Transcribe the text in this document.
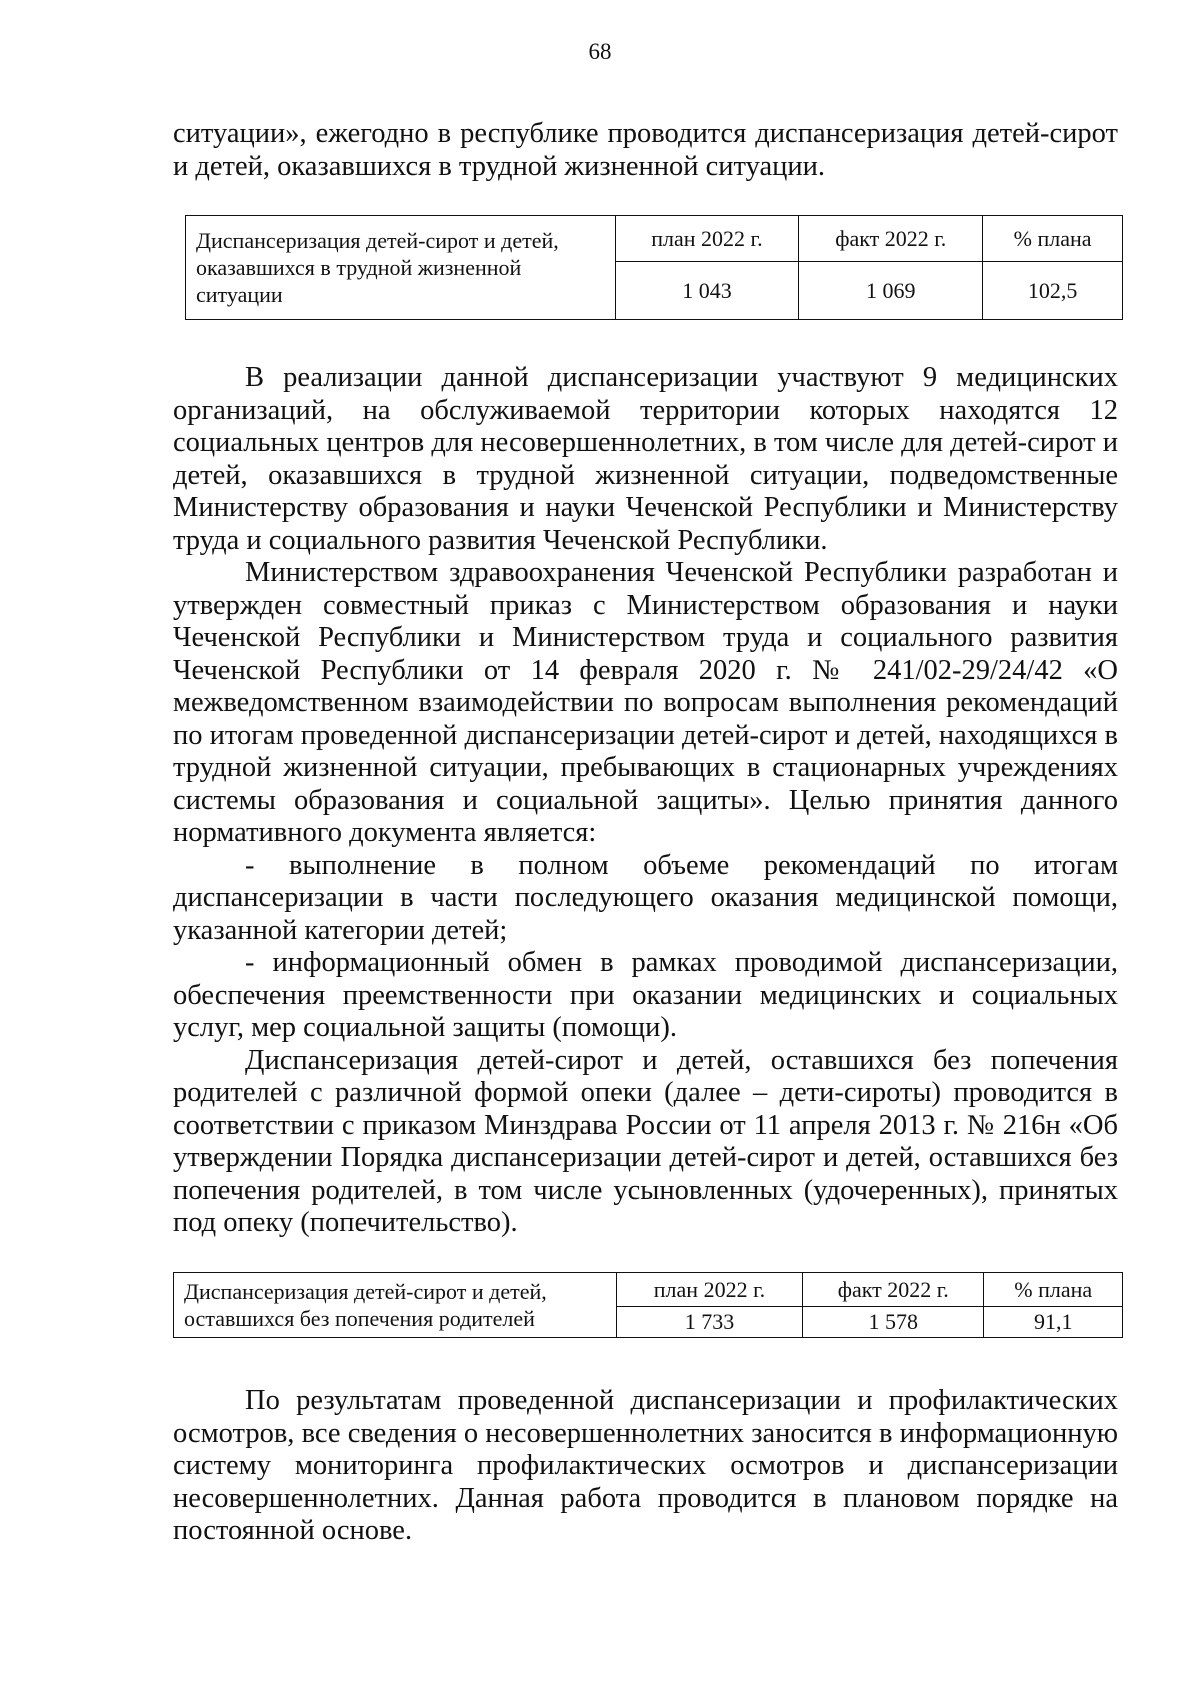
68

ситуации», ежегодно в республике проводится диспансеризация детей-сирот и детей, оказавшихся в трудной жизненной ситуации.

Диспансеризация детей-сирот и детей, оказавшихся в трудной жизненной ситуации	план 2022 г.	факт 2022 г.	% плана
	1 043	1 069	102,5

В реализации данной диспансеризации участвуют 9 медицинских организаций, на обслуживаемой территории которых находятся 12 социальных центров для несовершеннолетних, в том числе для детей-сирот и детей, оказавшихся в трудной жизненной ситуации, подведомственные Министерству образования и науки Чеченской Республики и Министерству труда и социального развития Чеченской Республики.

Министерством здравоохранения Чеченской Республики разработан и утвержден совместный приказ с Министерством образования и науки Чеченской Республики и Министерством труда и социального развития Чеченской Республики от 14 февраля 2020 г. № 241/02-29/24/42 «О межведомственном взаимодействии по вопросам выполнения рекомендаций по итогам проведенной диспансеризации детей-сирот и детей, находящихся в трудной жизненной ситуации, пребывающих в стационарных учреждениях системы образования и социальной защиты». Целью принятия данного нормативного документа является:

- выполнение в полном объеме рекомендаций по итогам диспансеризации в части последующего оказания медицинской помощи, указанной категории детей;

- информационный обмен в рамках проводимой диспансеризации, обеспечения преемственности при оказании медицинских и социальных услуг, мер социальной защиты (помощи).

Диспансеризация детей-сирот и детей, оставшихся без попечения родителей с различной формой опеки (далее – дети-сироты) проводится в соответствии с приказом Минздрава России от 11 апреля 2013 г. № 216н «Об утверждении Порядка диспансеризации детей-сирот и детей, оставшихся без попечения родителей, в том числе усыновленных (удочеренных), принятых под опеку (попечительство).

Диспансеризация детей-сирот и детей, оставшихся без попечения родителей	план 2022 г.	факт 2022 г.	% плана
	1 733	1 578	91,1

По результатам проведенной диспансеризации и профилактических осмотров, все сведения о несовершеннолетних заносится в информационную систему мониторинга профилактических осмотров и диспансеризации несовершеннолетних. Данная работа проводится в плановом порядке на постоянной основе.
